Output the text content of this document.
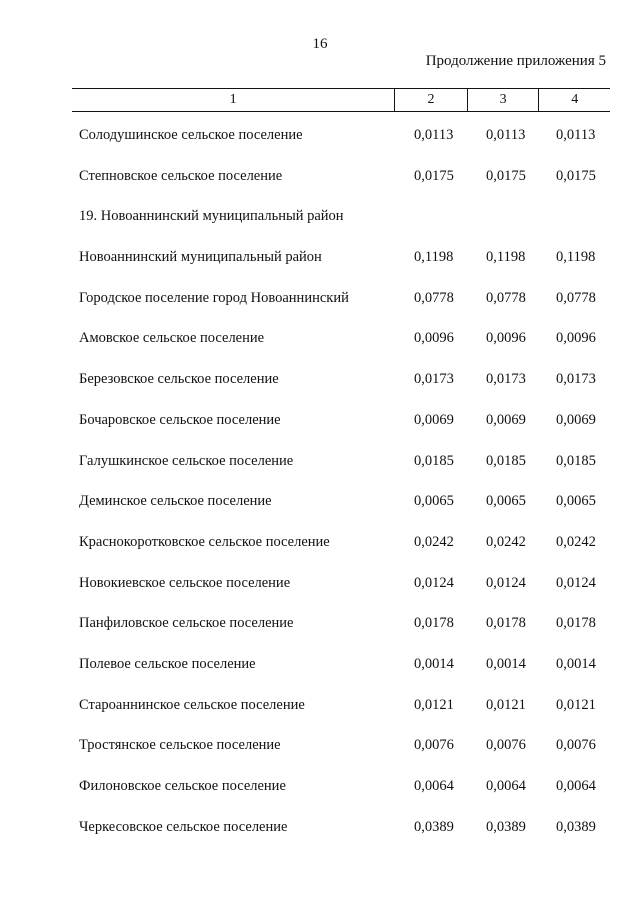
16
Продолжение приложения 5
1	2	3	4
Солодушинское сельское поселение	0,0113 0,0113 0,0113
Степновское сельское поселение	0,0175 0,0175 0,0175
19. Новоаннинский муниципальный район
Новоаннинский муниципальный район	0,1198 0,1198 0,1198
Городское поселение город Новоаннинский	0,0778 0,0778 0,0778
Амовское сельское поселение	0,0096 0,0096 0,0096
Березовское сельское поселение	0,0173 0,0173 0,0173
Бочаровское сельское поселение	0,0069 0,0069 0,0069
Галушкинское сельское поселение	0,0185 0,0185 0,0185
Деминское сельское поселение	0,0065 0,0065 0,0065
Краснокоротковское сельское поселение	0,0242 0,0242 0,0242
Новокиевское сельское поселение	0,0124 0,0124 0,0124
Панфиловское сельское поселение	0,0178 0,0178 0,0178
Полевое сельское поселение	0,0014 0,0014 0,0014
Староаннинское сельское поселение	0,0121 0,0121 0,0121
Тростянское сельское поселение	0,0076 0,0076 0,0076
Филоновское сельское поселение	0,0064 0,0064 0,0064
Черкесовское сельское поселение	0,0389 0,0389 0,0389
